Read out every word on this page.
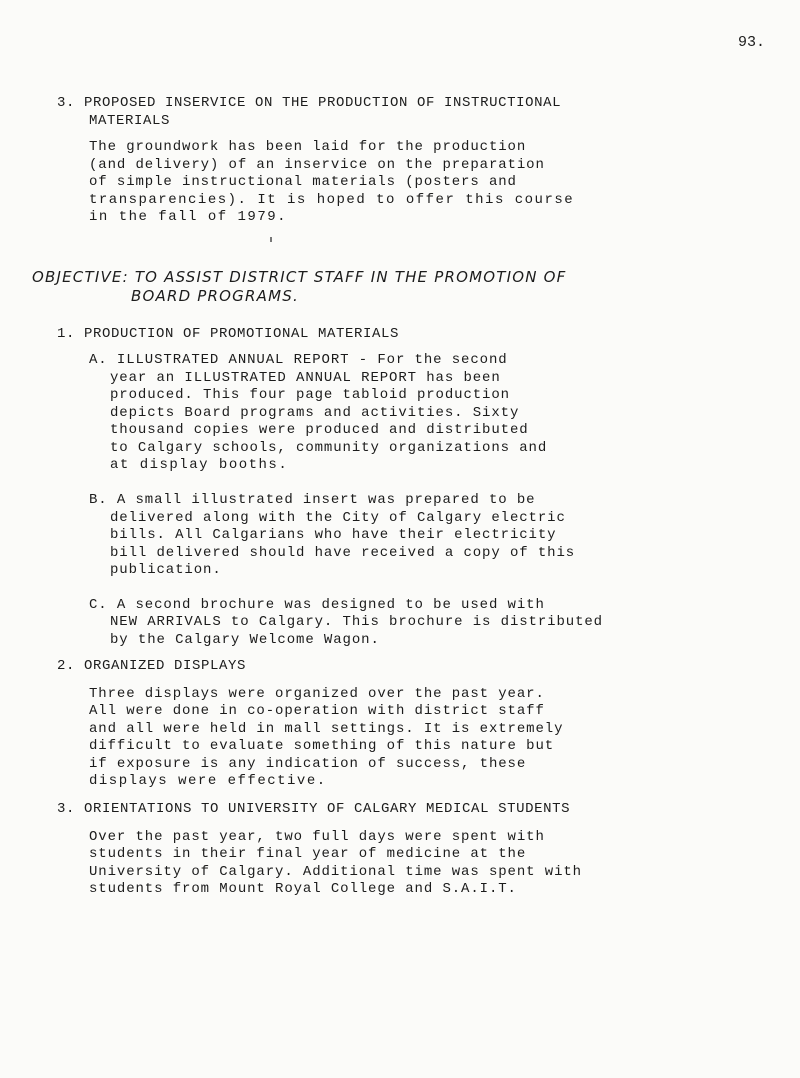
93.
3. PROPOSED INSERVICE ON THE PRODUCTION OF INSTRUCTIONAL
MATERIALS
The groundwork has been laid for the production
(and delivery) of an inservice on the preparation
of simple instructional materials (posters and
transparencies). It is hoped to offer this course
in the fall of 1979.
OBJECTIVE: TO ASSIST DISTRICT STAFF IN THE PROMOTION OF
BOARD PROGRAMS.
1. PRODUCTION OF PROMOTIONAL MATERIALS
A. ILLUSTRATED ANNUAL REPORT - For the second
year an ILLUSTRATED ANNUAL REPORT has been
produced. This four page tabloid production
depicts Board programs and activities. Sixty
thousand copies were produced and distributed
to Calgary schools, community organizations and
at display booths.
B. A small illustrated insert was prepared to be
delivered along with the City of Calgary electric
bills. All Calgarians who have their electricity
bill delivered should have received a copy of this
publication.
C. A second brochure was designed to be used with
NEW ARRIVALS to Calgary. This brochure is distributed
by the Calgary Welcome Wagon.
2. ORGANIZED DISPLAYS
Three displays were organized over the past year.
All were done in co-operation with district staff
and all were held in mall settings. It is extremely
difficult to evaluate something of this nature but
if exposure is any indication of success, these
displays were effective.
3. ORIENTATIONS TO UNIVERSITY OF CALGARY MEDICAL STUDENTS
Over the past year, two full days were spent with
students in their final year of medicine at the
University of Calgary. Additional time was spent with
students from Mount Royal College and S.A.I.T.
